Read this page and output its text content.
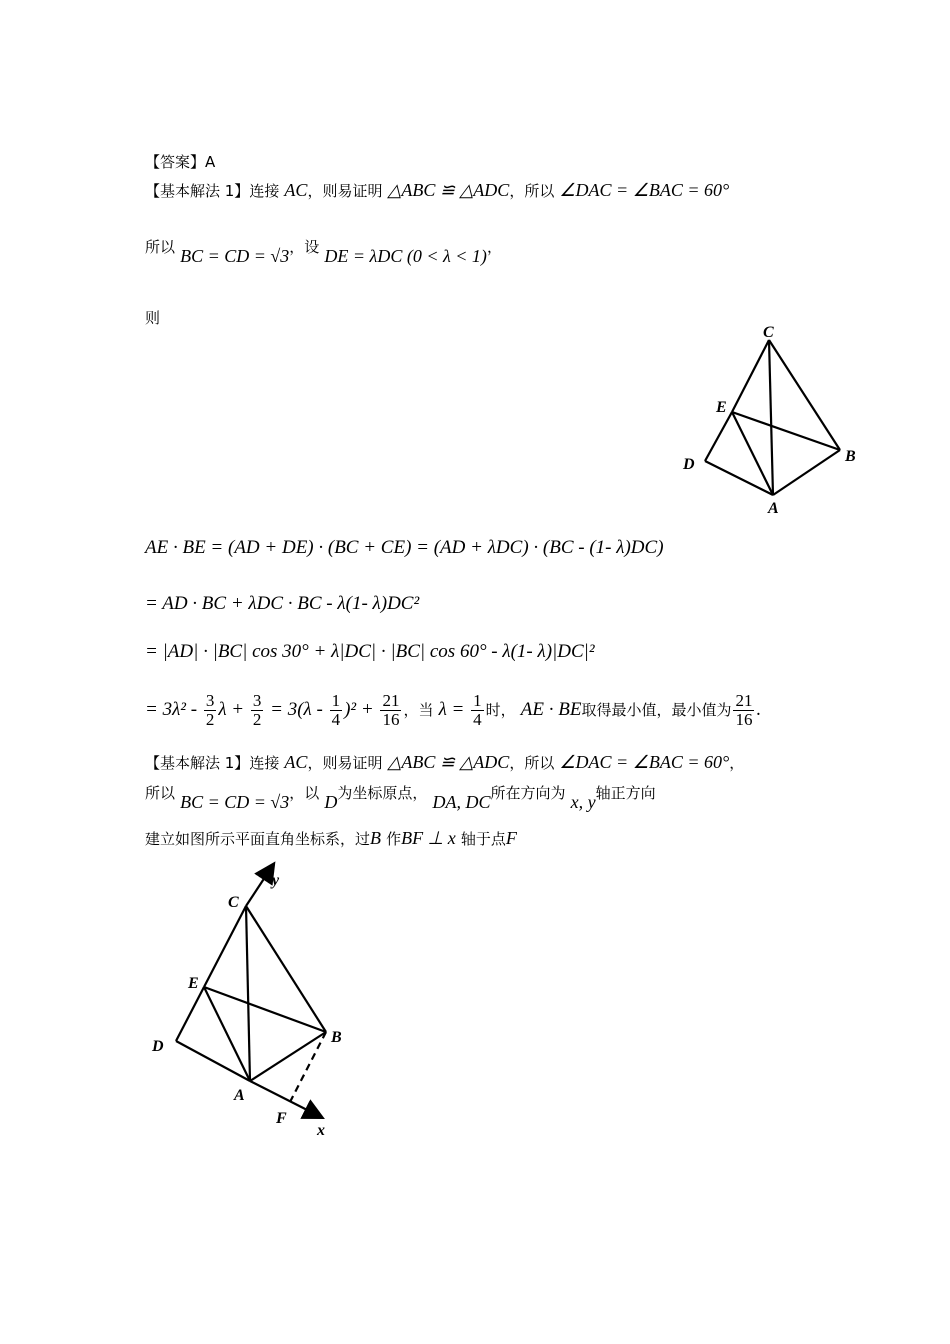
【答案】A
【基本解法 1】连接 AC，则易证明 △ABC ≌ △ADC，所以 ∠DAC = ∠BAC = 60°
所以 BC = CD = √3，设 DE = λDC (0 < λ < 1)，
则
C
E
D	B
A
AE · BE = (AD + DE) · (BC + CE) = (AD + λDC) · (BC - (1- λ)DC)
= AD · BC + λDC · BC - λ(1- λ)DC²
= |AD| · |BC| cos 30° + λ|DC| · |BC| cos 60° - λ(1- λ)|DC|²
= $3\lambda^2 - \frac{3}{2}$ $\lambda + \frac{3}{2} = 3(\lambda - \frac{1}{4} )^2 + \frac{21}{16}$ ，当 $\lambda = \frac{1}{4}$ 时， AE · BE取得最小值，最小值为 $\frac{21}{16}$ .
【基本解法 1】连接 AC，则易证明 △ABC ≌ △ADC，所以 ∠DAC = ∠BAC = 60°，
所以 BC = CD = √3，以 D为坐标原点， DA, DC所在方向为 x, y轴正方向
建立如图所示平面直角坐标系，过B 作BF ⊥ x 轴于点F
y
C
E
D
B
A
F
x
